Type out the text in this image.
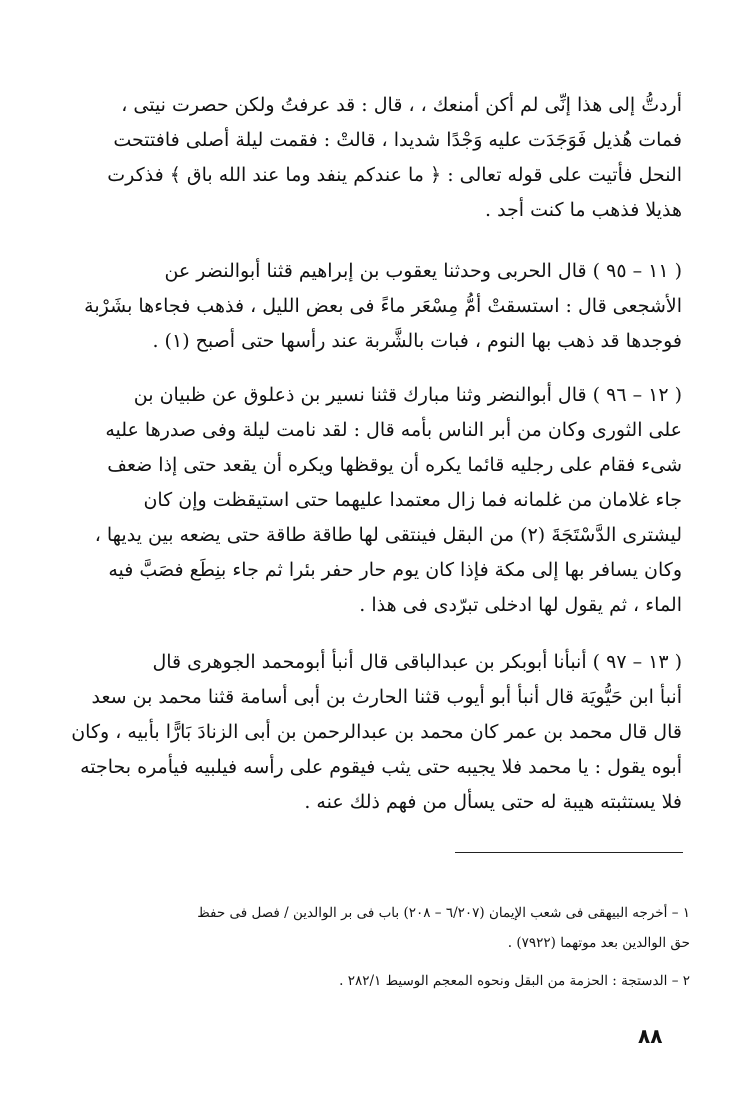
أردتُّ إلى هذا إنِّى لم أكن أمنعك ، ، قال : قد عرفتُ ولكن حصرت نيتى ،
فمات هُذيل فَوَجَدَت عليه وَجْدًا شديدا ، قالتْ : فقمت ليلة أصلى فافتتحت
النحل فأتيت على قوله تعالى : ﴿ ما عندكم ينفد وما عند الله باق ﴾ فذكرت
هذيلا فذهب ما كنت أجد .
( ١١ – ٩٥ ) قال الحربى وحدثنا يعقوب بن إبراهيم قثنا أبوالنضر عن
الأشجعى قال : استسقتْ أمُّ مِسْعَر ماءً فى بعض الليل ، فذهب فجاءها بشَرْبة
فوجدها قد ذهب بها النوم ، فبات بالشَّربة عند رأسها حتى أصبح (١) .
( ١٢ – ٩٦ ) قال أبوالنضر وثنا مبارك قثنا نسير بن ذعلوق عن ظبيان بن
على الثورى وكان من أبر الناس بأمه قال : لقد نامت ليلة وفى صدرها عليه
شىء فقام على رجليه قائما يكره أن يوقظها ويكره أن يقعد حتى إذا ضعف
جاء غلامان من غلمانه فما زال معتمدا عليهما حتى استيقظت وإن كان
ليشترى الدَّسْتَجَةَ (٢) من البقل فينتقى لها طاقة طاقة حتى يضعه بين يديها ،
وكان يسافر بها إلى مكة فإذا كان يوم حار حفر بئرا ثم جاء بنِطَع فصَبَّ فيه
الماء ، ثم يقول لها ادخلى تبرّدى فى هذا .
( ١٣ – ٩٧ ) أنبأنا أبوبكر بن عبدالباقى قال أنبأ أبومحمد الجوهرى قال
أنبأ ابن حَيُّويَة قال أنبأ أبو أيوب قثنا الحارث بن أبى أسامة قثنا محمد بن سعد
قال قال محمد بن عمر كان محمد بن عبدالرحمن بن أبى الزنادَ بَارًّا بأبيه ، وكان
أبوه يقول : يا محمد فلا يجيبه حتى يثب فيقوم على رأسه فيلبيه فيأمره بحاجته
فلا يستثبته هيبة له حتى يسأل من فهم ذلك عنه .
١ – أخرجه البيهقى فى شعب الإيمان (٦/٢٠٧ – ٢٠٨) باب فى بر الوالدين / فصل فى حفظ
حق الوالدين بعد موتهما (٧٩٢٢) .
٢ – الدستجة : الحزمة من البقل ونحوه المعجم الوسيط ٢٨٢/١ .
٨٨
